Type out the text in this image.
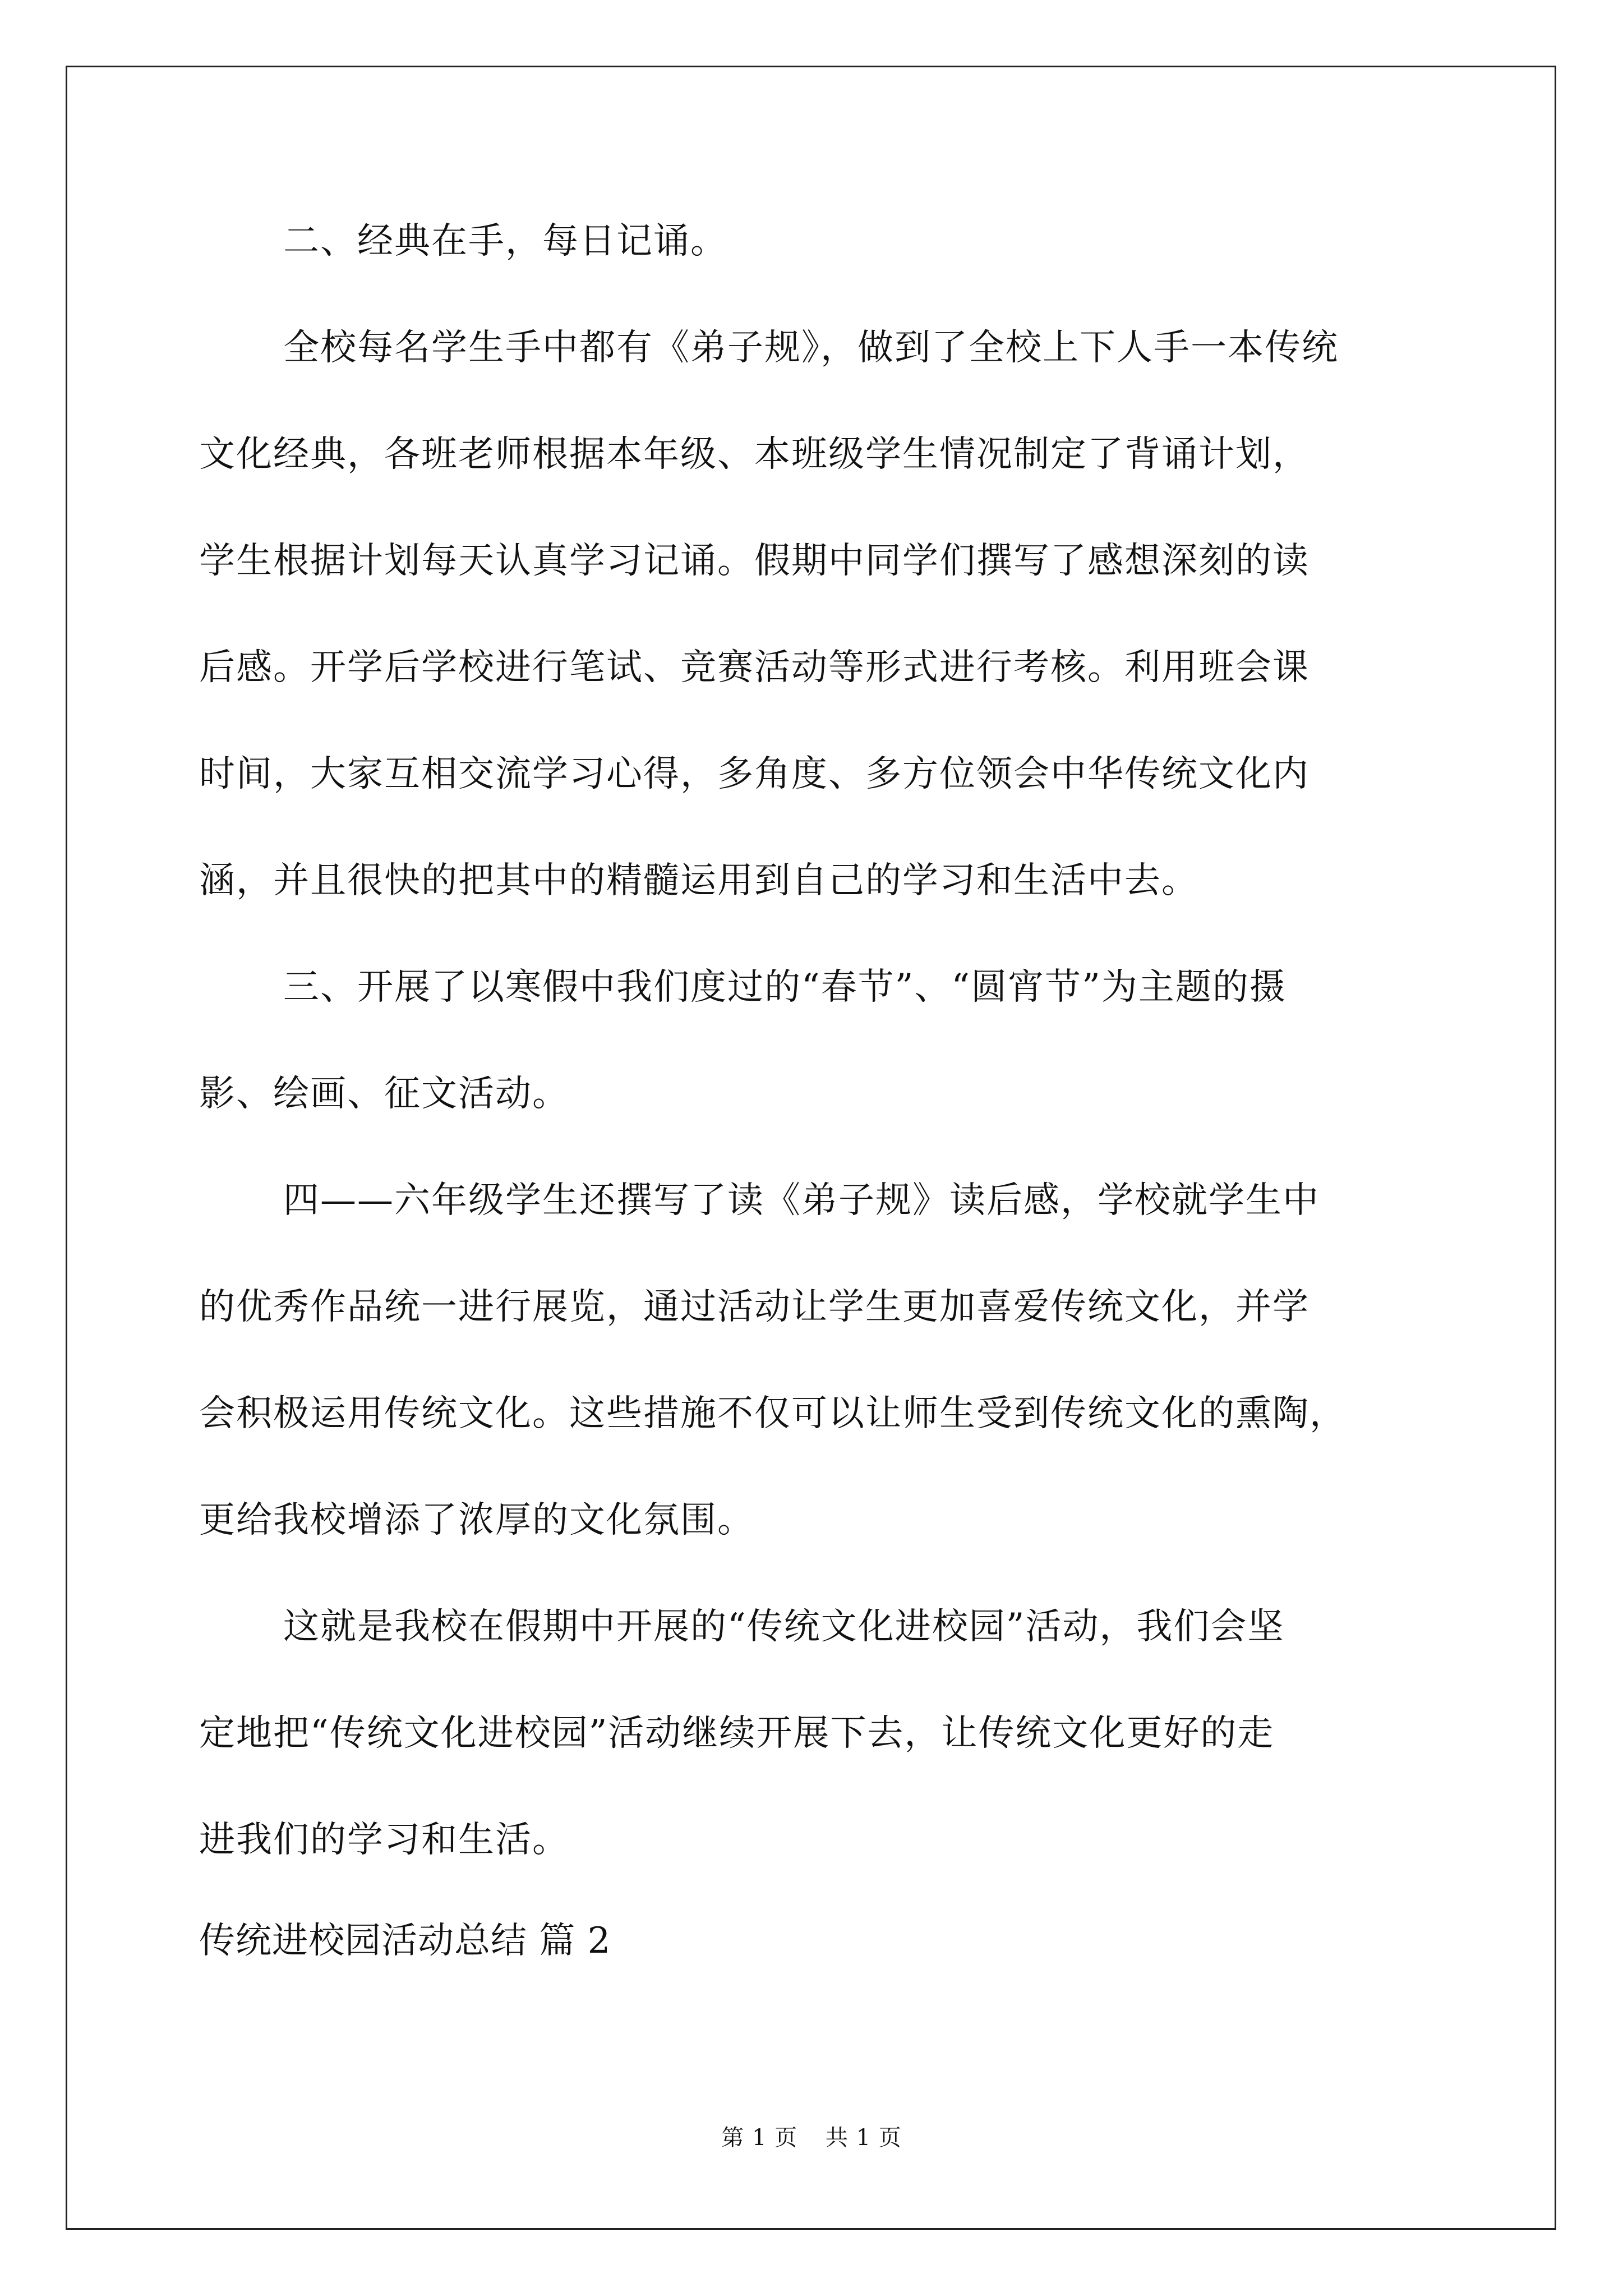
二、经典在手，每日记诵。
全校每名学生手中都有《弟子规》，做到了全校上下人手一本传统
文化经典，各班老师根据本年级、本班级学生情况制定了背诵计划，
学生根据计划每天认真学习记诵。假期中同学们撰写了感想深刻的读
后感。开学后学校进行笔试、竞赛活动等形式进行考核。利用班会课
时间，大家互相交流学习心得，多角度、多方位领会中华传统文化内
涵，并且很快的把其中的精髓运用到自己的学习和生活中去。
三、开展了以寒假中我们度过的“春节”、“圆宵节”为主题的摄
影、绘画、征文活动。
四——六年级学生还撰写了读《弟子规》读后感，学校就学生中
的优秀作品统一进行展览，通过活动让学生更加喜爱传统文化，并学
会积极运用传统文化。这些措施不仅可以让师生受到传统文化的熏陶，
更给我校增添了浓厚的文化氛围。
这就是我校在假期中开展的“传统文化进校园”活动，我们会坚
定地把“传统文化进校园”活动继续开展下去，让传统文化更好的走
进我们的学习和生活。
传统进校园活动总结 篇 2
第 1 页 共 1 页
